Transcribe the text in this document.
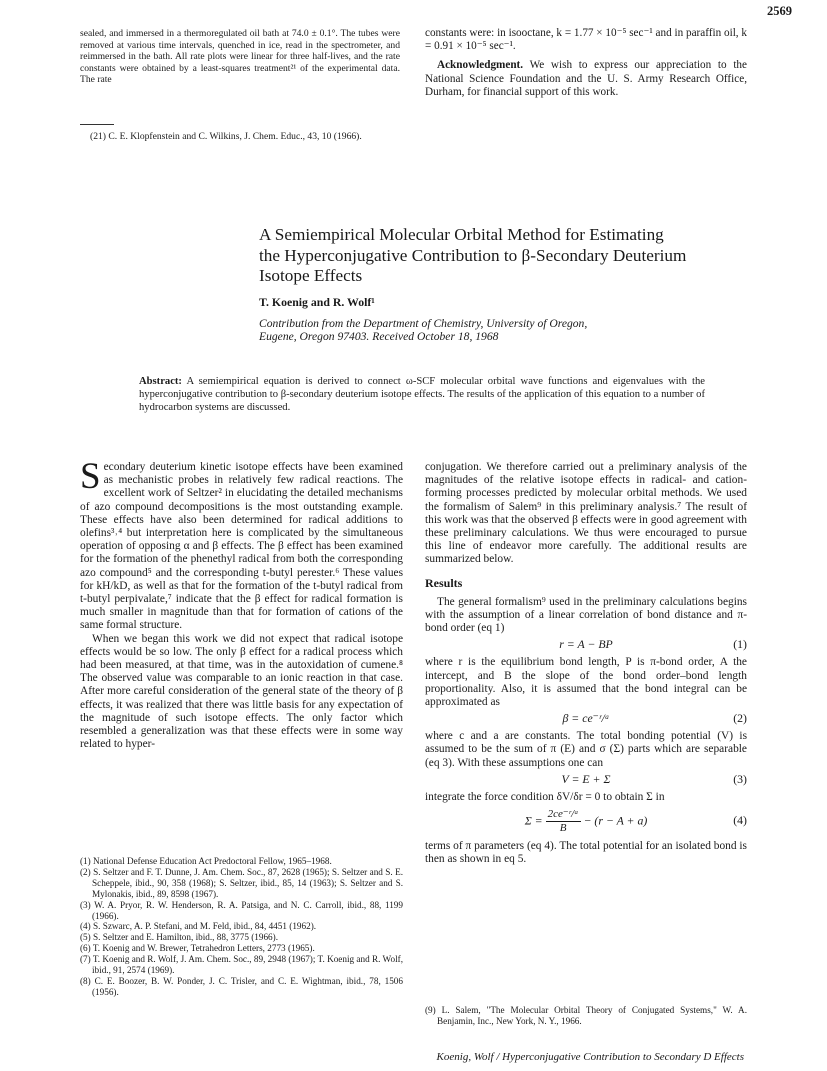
2569

sealed, and immersed in a thermoregulated oil bath at 74.0 ± 0.1°. The tubes were removed at various time intervals, quenched in ice, read in the spectrometer, and reimmersed in the bath. All rate plots were linear for three half-lives, and the rate constants were obtained by a least-squares treatment²¹ of the experimental data. The rate

(21) C. E. Klopfenstein and C. Wilkins, J. Chem. Educ., 43, 10 (1966).

constants were: in isooctane, k = 1.77 × 10⁻⁵ sec⁻¹ and in paraffin oil, k = 0.91 × 10⁻⁵ sec⁻¹.

Acknowledgment. We wish to express our appreciation to the National Science Foundation and the U. S. Army Research Office, Durham, for financial support of this work.

A Semiempirical Molecular Orbital Method for Estimating
the Hyperconjugative Contribution to β-Secondary Deuterium
Isotope Effects
T. Koenig and R. Wolf¹
Contribution from the Department of Chemistry, University of Oregon,
Eugene, Oregon 97403. Received October 18, 1968
Abstract: A semiempirical equation is derived to connect ω-SCF molecular orbital wave functions and eigenvalues with the hyperconjugative contribution to β-secondary deuterium isotope effects. The results of the application of this equation to a number of hydrocarbon systems are discussed.

Secondary deuterium kinetic isotope effects have been examined as mechanistic probes in relatively few radical reactions. The excellent work of Seltzer² in elucidating the detailed mechanisms of azo compound decompositions is the most outstanding example. These effects have also been determined for radical additions to olefins³˒⁴ but interpretation here is complicated by the simultaneous operation of opposing α and β effects. The β effect has been examined for the formation of the phenethyl radical from both the corresponding azo compound⁵ and the corresponding t-butyl perester.⁶ These values for kH/kD, as well as that for the formation of the t-butyl radical from t-butyl perpivalate,⁷ indicate that the β effect for radical formation is much smaller in magnitude than that for formation of cations of the same formal structure.

When we began this work we did not expect that radical isotope effects would be so low. The only β effect for a radical process which had been measured, at that time, was in the autoxidation of cumene.⁸ The observed value was comparable to an ionic reaction in that case. After more careful consideration of the general state of the theory of β effects, it was realized that there was little basis for any expectation of the magnitude of such isotope effects. The only factor which resembled a generalization was that these effects were in some way related to hyper-

(1) National Defense Education Act Predoctoral Fellow, 1965–1968.

(2) S. Seltzer and F. T. Dunne, J. Am. Chem. Soc., 87, 2628 (1965); S. Seltzer and S. E. Scheppele, ibid., 90, 358 (1968); S. Seltzer, ibid., 85, 14 (1963); S. Seltzer and S. Mylonakis, ibid., 89, 8598 (1967).

(3) W. A. Pryor, R. W. Henderson, R. A. Patsiga, and N. C. Carroll, ibid., 88, 1199 (1966).

(4) S. Szwarc, A. P. Stefani, and M. Feld, ibid., 84, 4451 (1962).

(5) S. Seltzer and E. Hamilton, ibid., 88, 3775 (1966).

(6) T. Koenig and W. Brewer, Tetrahedron Letters, 2773 (1965).

(7) T. Koenig and R. Wolf, J. Am. Chem. Soc., 89, 2948 (1967); T. Koenig and R. Wolf, ibid., 91, 2574 (1969).

(8) C. E. Boozer, B. W. Ponder, J. C. Trisler, and C. E. Wightman, ibid., 78, 1506 (1956).

conjugation. We therefore carried out a preliminary analysis of the magnitudes of the relative isotope effects in radical- and cation-forming processes predicted by molecular orbital methods. We used the formalism of Salem⁹ in this preliminary analysis.⁷ The result of this work was that the observed β effects were in good agreement with these preliminary calculations. We thus were encouraged to pursue this line of endeavor more carefully. The additional results are summarized below.

Results

The general formalism⁹ used in the preliminary calculations begins with the assumption of a linear correlation of bond distance and π-bond order (eq 1)

r = A − BP	(1)

where r is the equilibrium bond length, P is π-bond order, A the intercept, and B the slope of the bond order–bond length proportionality. Also, it is assumed that the bond integral can be approximated as

β = ce⁻ʳ/ᵃ	(2)

where c and a are constants. The total bonding potential (V) is assumed to be the sum of π (E) and σ (Σ) parts which are separable (eq 3). With these assumptions one can

V = E + Σ	(3)

integrate the force condition δV/δr = 0 to obtain Σ in

$\Sigma = \frac{\text{2ce⁻ʳ/ᵃ}}{B} - (r - A + a)$	(4)

terms of π parameters (eq 4). The total potential for an isolated bond is then as shown in eq 5.

(9) L. Salem, "The Molecular Orbital Theory of Conjugated Systems," W. A. Benjamin, Inc., New York, N. Y., 1966.

Koenig, Wolf / Hyperconjugative Contribution to Secondary D Effects
